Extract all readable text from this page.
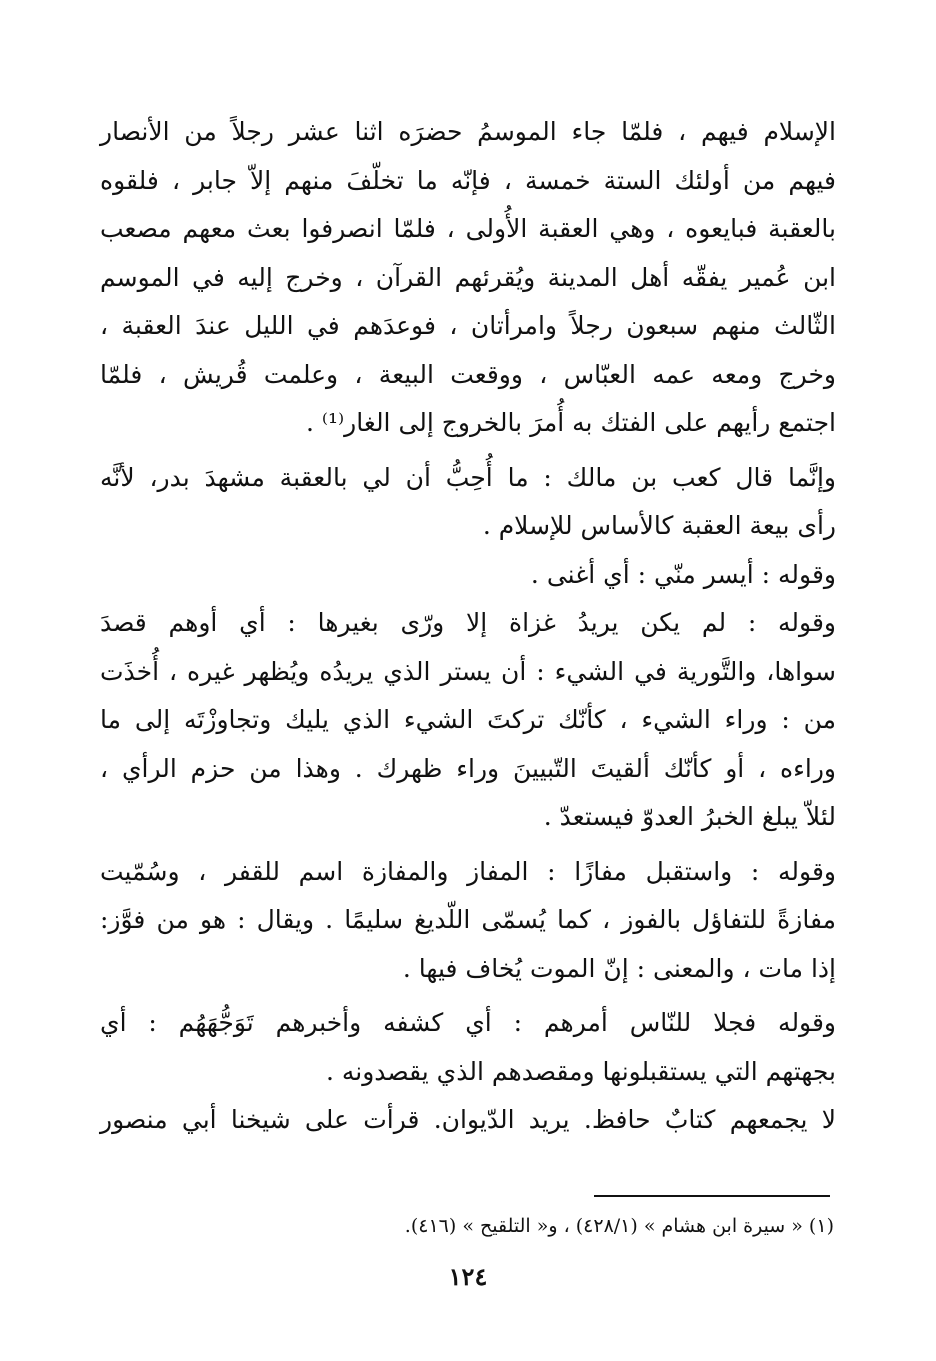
الإسلام فيهم ، فلمّا جاء الموسمُ حضرَه اثنا عشر رجلاً من الأنصار
فيهم من أولئك الستة خمسة ، فإنّه ما تخلّفَ منهم إلاّ جابر ، فلقوه
بالعقبة فبايعوه ، وهي العقبة الأُولى ، فلمّا انصرفوا بعث معهم مصعب
ابن عُمير يفقّه أهل المدينة ويُقرئهم القرآن ، وخرج إليه في الموسم
الثّالث منهم سبعون رجلاً وامرأتان ، فوعدَهم في الليل عندَ العقبة ،
وخرج ومعه عمه العبّاس ، ووقعت البيعة ، وعلمت قُريش ، فلمّا
اجتمع رأيهم على الفتك به أُمرَ بالخروج إلى الغار⁽¹⁾ .
وإنَّما قال كعب بن مالك : ما أُحِبُّ أن لي بالعقبة مشهدَ بدر، لأنَّه
رأى بيعة العقبة كالأساس للإسلام .
وقوله : أيسر منّي : أي أغنى .
وقوله : لم يكن يريدُ غزاة إلا ورّى بغيرها : أي أوهم قصدَ
سواها، والتَّورية في الشيء : أن يستر الذي يريدُه ويُظهر غيره ، أُخذَت
من : وراء الشيء ، كأنّك تركتَ الشيء الذي يليك وتجاوزْتَه إلى ما
وراءه ، أو كأنّك ألقيتَ التّبيينَ وراء ظهرك . وهذا من حزم الرأي ،
لئلاّ يبلغ الخبرُ العدوّ فيستعدّ .
وقوله : واستقبل مفازًا : المفاز والمفازة اسم للقفر ، وسُمّيت
مفازةً للتفاؤل بالفوز ، كما يُسمّى اللّديغ سليمًا . ويقال : هو من فوَّز:
إذا مات ، والمعنى : إنّ الموت يُخاف فيها .
وقوله فجلا للنّاس أمرهم : أي كشفه وأخبرهم تَوَجُّهَهُم : أي
بجهتهم التي يستقبلونها ومقصدهم الذي يقصدونه .
لا يجمعهم كتابٌ حافظ. يريد الدّيوان. قرأت على شيخنا أبي منصور
(١) « سيرة ابن هشام » (٤٢٨/١) ، و« التلقيح » (٤١٦).
١٢٤
